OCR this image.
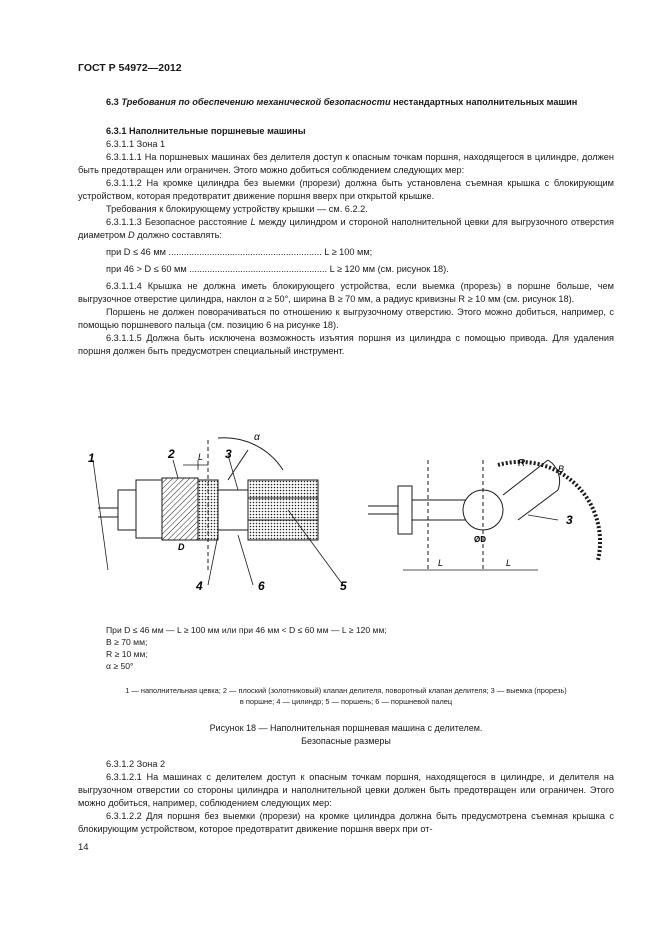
ГОСТ Р 54972—2012

6.3 Требования по обеспечению механической безопасности нестандартных наполнительных машин

6.3.1 Наполнительные поршневые машины

6.3.1.1 Зона 1

6.3.1.1.1 На поршневых машинах без делителя доступ к опасным точкам поршня, находящегося в цилиндре, должен быть предотвращен или ограничен. Этого можно добиться соблюдением следующих мер:

6.3.1.1.2 На кромке цилиндра без выемки (прорези) должна быть установлена съемная крышка с блокирующим устройством, которая предотвратит движение поршня вверх при открытой крышке.

Требования к блокирующему устройству крышки — см. 6.2.2.

6.3.1.1.3 Безопасное расстояние L между цилиндром и стороной наполнительной цевки для выгрузочного отверстия диаметром D должно составлять:

при D ≤ 46 мм ............................................................ L ≥ 100 мм;
при 46 > D ≤ 60 мм ...................................................... L ≥ 120 мм (см. рисунок 18).

6.3.1.1.4 Крышка не должна иметь блокирующего устройства, если выемка (прорезь) в поршне больше, чем выгрузочное отверстие цилиндра, наклон α ≥ 50°, ширина B ≥ 70 мм, а радиус кривизны R ≥ 10 мм (см. рисунок 18).

Поршень не должен поворачиваться по отношению к выгрузочному отверстию. Этого можно добиться, например, с помощью поршневого пальца (см. позицию 6 на рисунке 18).

6.3.1.1.5 Должна быть исключена возможность изъятия поршня из цилиндра с помощью привода. Для удаления поршня должен быть предусмотрен специальный инструмент.

1	2	L 3
α
D
4	6	5
R	B
ØD
L	L
3
При D ≤ 46 мм — L ≥ 100 мм или при 46 мм < D ≤ 60 мм — L ≥ 120 мм;
B ≥ 70 мм;
R ≥ 10 мм;
α ≥ 50°
1 — наполнительная цевка; 2 — плоский (золотниковый) клапан делителя, поворотный клапан делителя; 3 — выемка (прорезь)
в поршне; 4 — цилиндр; 5 — поршень; 6 — поршневой палец
Рисунок 18 — Наполнительная поршневая машина с делителем.
Безопасные размеры

6.3.1.2 Зона 2

6.3.1.2.1 На машинах с делителем доступ к опасным точкам поршня, находящегося в цилиндре, и делителя на выгрузочном отверстии со стороны цилиндра и наполнительной цевки должен быть предотвращен или ограничен. Этого можно добиться, например, соблюдением следующих мер:

6.3.1.2.2 Для поршня без выемки (прорези) на кромке цилиндра должна быть предусмотрена съемная крышка с блокирующим устройством, которое предотвратит движение поршня вверх при от-

14
